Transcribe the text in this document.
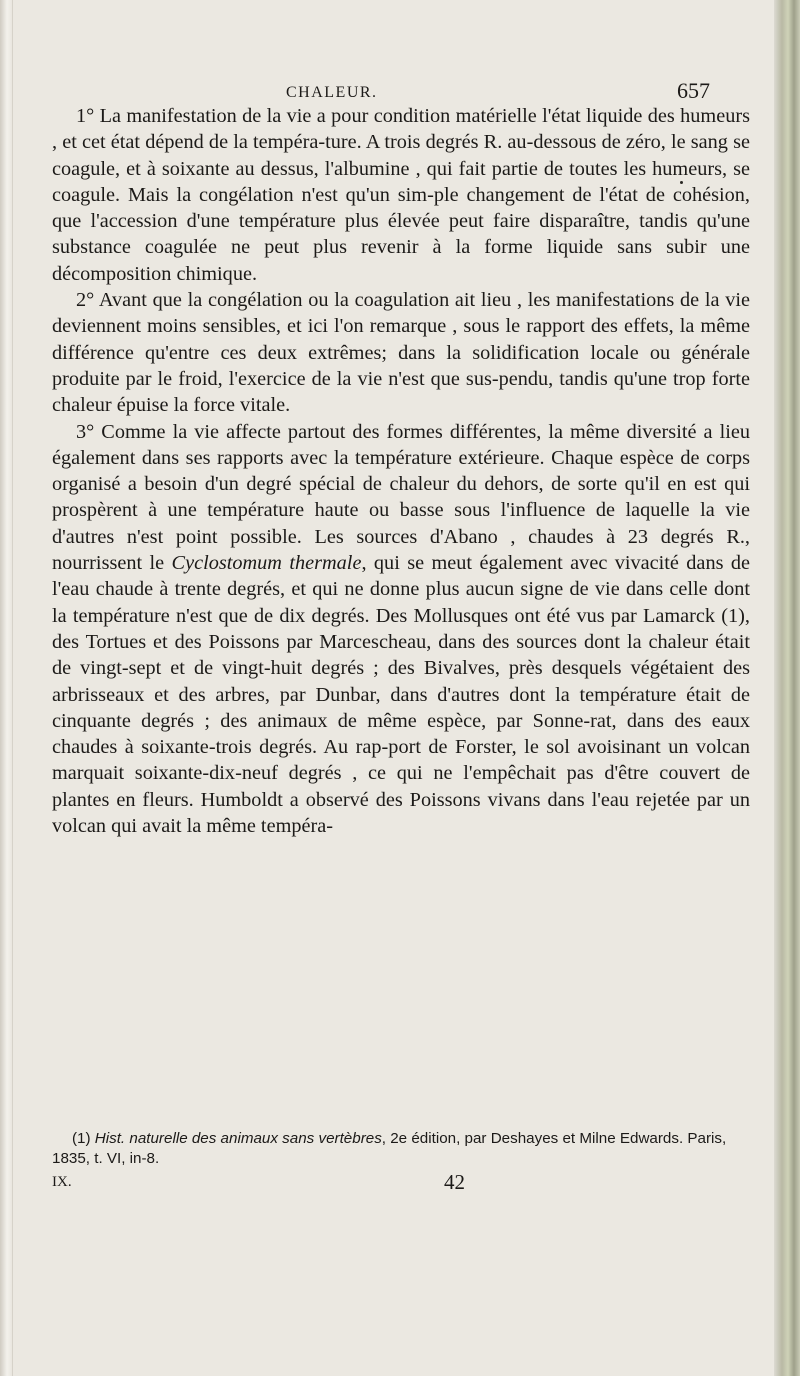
CHALEUR.	657

1° La manifestation de la vie a pour condition matérielle l'état liquide des humeurs , et cet état dépend de la tempéra-ture. A trois degrés R. au-dessous de zéro, le sang se coagule, et à soixante au dessus, l'albumine , qui fait partie de toutes les humeurs, se coagule. Mais la congélation n'est qu'un sim-ple changement de l'état de cohésion, que l'accession d'une température plus élevée peut faire disparaître, tandis qu'une substance coagulée ne peut plus revenir à la forme liquide sans subir une décomposition chimique.

2° Avant que la congélation ou la coagulation ait lieu , les manifestations de la vie deviennent moins sensibles, et ici l'on remarque , sous le rapport des effets, la même différence qu'entre ces deux extrêmes; dans la solidification locale ou générale produite par le froid, l'exercice de la vie n'est que sus-pendu, tandis qu'une trop forte chaleur épuise la force vitale.

3° Comme la vie affecte partout des formes différentes, la même diversité a lieu également dans ses rapports avec la température extérieure. Chaque espèce de corps organisé a besoin d'un degré spécial de chaleur du dehors, de sorte qu'il en est qui prospèrent à une température haute ou basse sous l'influence de laquelle la vie d'autres n'est point possible. Les sources d'Abano , chaudes à 23 degrés R., nourrissent le Cyclostomum thermale, qui se meut également avec vivacité dans de l'eau chaude à trente degrés, et qui ne donne plus aucun signe de vie dans celle dont la température n'est que de dix degrés. Des Mollusques ont été vus par Lamarck (1), des Tortues et des Poissons par Marcescheau, dans des sources dont la chaleur était de vingt-sept et de vingt-huit degrés ; des Bivalves, près desquels végétaient des arbrisseaux et des arbres, par Dunbar, dans d'autres dont la température était de cinquante degrés ; des animaux de même espèce, par Sonne-rat, dans des eaux chaudes à soixante-trois degrés. Au rap-port de Forster, le sol avoisinant un volcan marquait soixante-dix-neuf degrés , ce qui ne l'empêchait pas d'être couvert de plantes en fleurs. Humboldt a observé des Poissons vivans dans l'eau rejetée par un volcan qui avait la même tempéra-

(1) Hist. naturelle des animaux sans vertèbres, 2e édition, par Deshayes et Milne Edwards. Paris, 1835, t. VI, in-8.

IX.	42
